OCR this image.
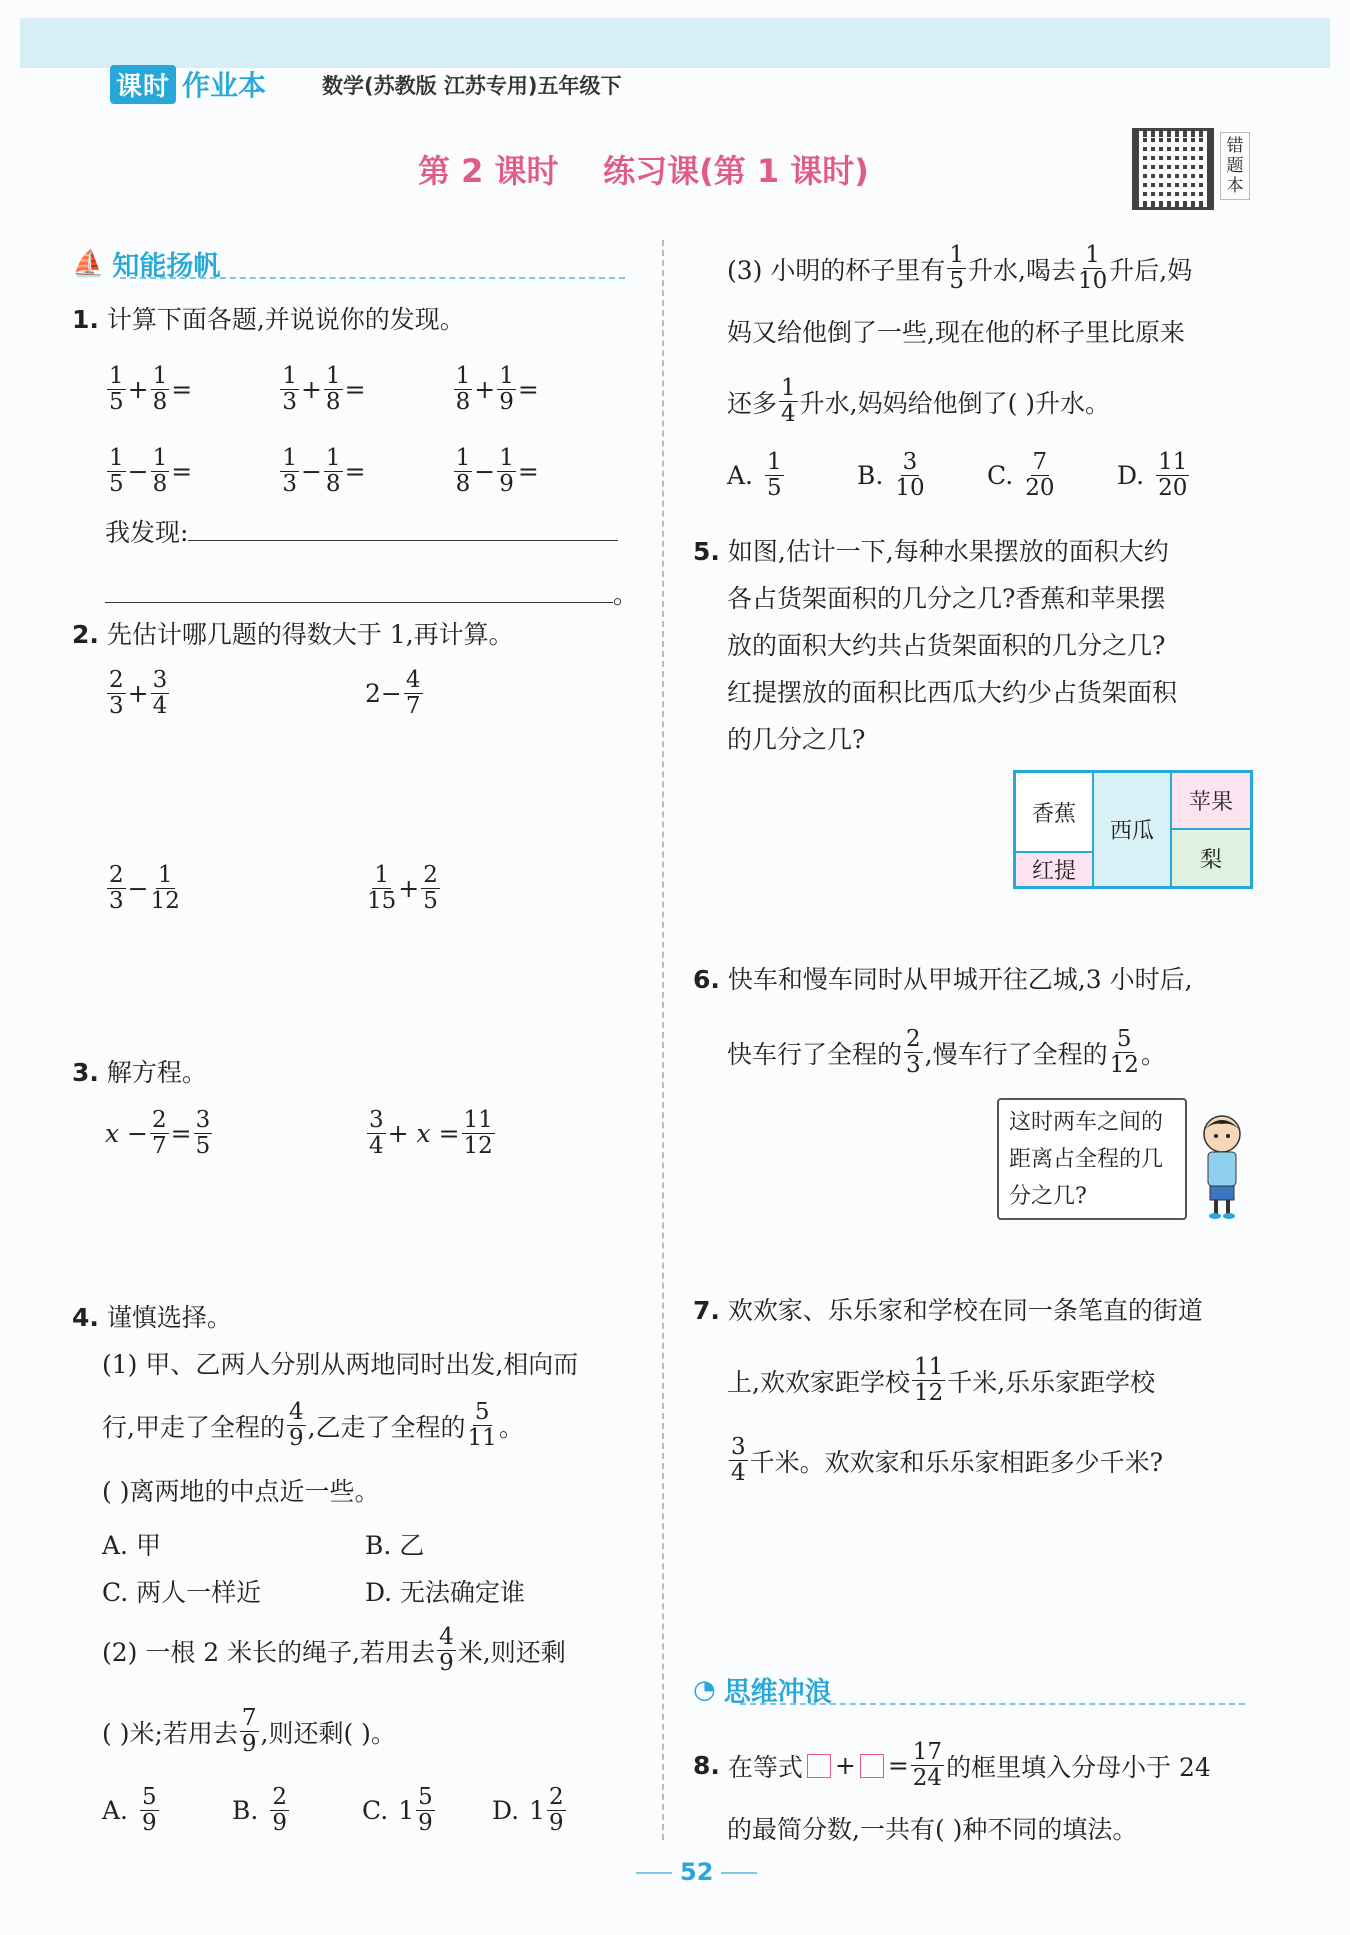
课时 作业本	数学(苏教版 江苏专用)五年级下
第 2 课时    练习课(第 1 课时)
错题本
⛵ 知能扬帆
1. 计算下面各题,并说说你的发现。
$\frac{1}{5} + \frac{1}{8}$ =	$\frac{1}{3} + \frac{1}{8}$ =	$\frac{1}{8} + \frac{1}{9}$ =
$\frac{1}{5} - \frac{1}{8}$ =	$\frac{1}{3} - \frac{1}{8}$ =	$\frac{1}{8} - \frac{1}{9}$ =
我发现:
。
2. 先估计哪几题的得数大于 1,再计算。
$\frac{2}{3} + \frac{3}{4}$	$2- \frac{4}{7}$
$\frac{2}{3} - \frac{1}{12}$	$\frac{1}{15} + \frac{2}{5}$
3. 解方程。
$x - \frac{2}{7} = \frac{3}{5}$	$\frac{3}{4} + x = \frac{11}{12}$
4. 谨慎选择。
(1) 甲、乙两人分别从两地同时出发,相向而
行,甲走了全程的 $\frac{4}{9}$ ,乙走了全程的 $\frac{5}{11}$ 。
( )离两地的中点近一些。
A. 甲	B. 乙
C. 两人一样近	D. 无法确定谁
(2) 一根 2 米长的绳子,若用去 $\frac{4}{9}$ 米,则还剩
( )米;若用去 $\frac{7}{9}$ ,则还剩( )。
A. $\frac{5}{9}$	B. $\frac{2}{9}$	C. $1 \frac{5}{9} D$. $1 \frac{2}{9}$
(3) 小明的杯子里有 $\frac{1}{5}$ 升水,喝去 $\frac{1}{10}$ 升后,妈
妈又给他倒了一些,现在他的杯子里比原来
还多 $\frac{1}{4}$ 升水,妈妈给他倒了( )升水。
A. $\frac{1}{5}$	B. $\frac{3}{10} C$. $\frac{7}{20}$	D. $\frac{11}{20}$
5. 如图,估计一下,每种水果摆放的面积大约
各占货架面积的几分之几?香蕉和苹果摆
放的面积大约共占货架面积的几分之几?
红提摆放的面积比西瓜大约少占货架面积
的几分之几?
香蕉
红提
西瓜
苹果
梨
6. 快车和慢车同时从甲城开往乙城,3 小时后,
快车行了全程的 $\frac{2}{3}$ ,慢车行了全程的 $\frac{5}{12}$ 。
这时两车之间的距离占全程的几分之几?
7. 欢欢家、乐乐家和学校在同一条笔直的街道
上,欢欢家距学校 $\frac{11}{12}$ 千米,乐乐家距学校
$\frac{3}{4}$ 千米。欢欢家和乐乐家相距多少千米?
◔ 思维冲浪
8.
在等式 + = $\frac{17}{24}$ 的框里填入分母小于 24
的最简分数,一共有( )种不同的填法。
52
